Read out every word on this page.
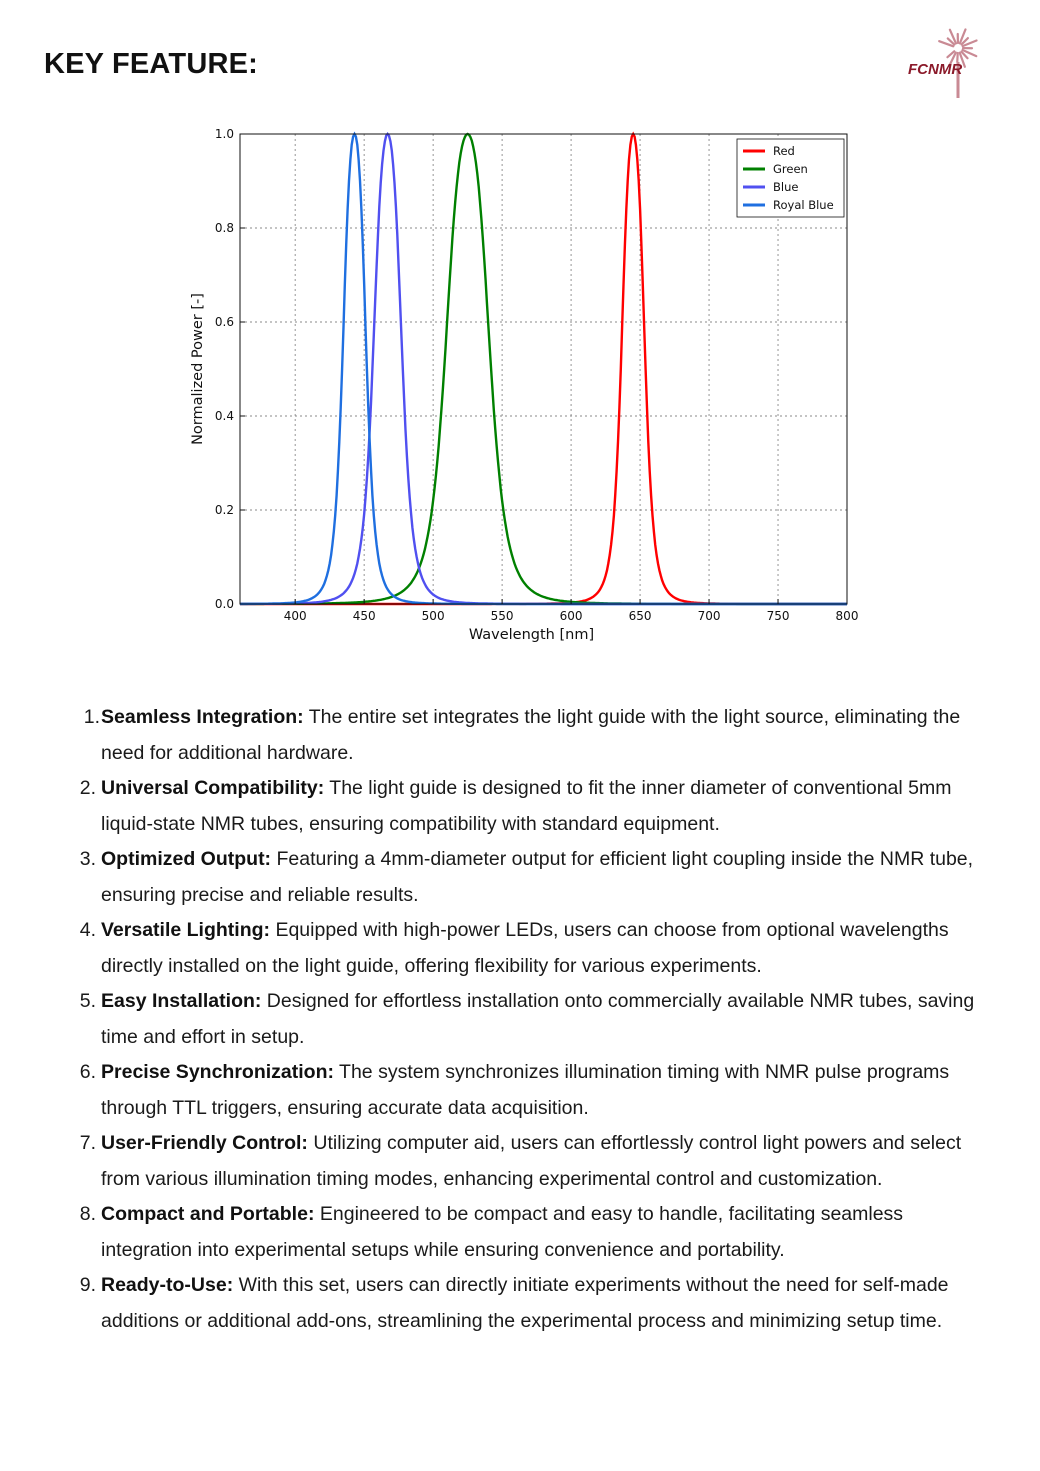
KEY FEATURE:	FCNMR
400	450	500	550	600	650	700	750	800
0.0
0.2
0.4
0.6
0.8
1.0
Wavelength [nm]
Normalized Power [-]
Red
Green
Blue
Royal Blue
1. Seamless Integration: The entire set integrates the light guide with the light source, eliminating the need for additional hardware.
2. Universal Compatibility: The light guide is designed to fit the inner diameter of conventional 5mm liquid-state NMR tubes, ensuring compatibility with standard equipment.
3. Optimized Output: Featuring a 4mm-diameter output for efficient light coupling inside the NMR tube, ensuring precise and reliable results.
4. Versatile Lighting: Equipped with high-power LEDs, users can choose from optional wavelengths directly installed on the light guide, offering flexibility for various experiments.
5. Easy Installation: Designed for effortless installation onto commercially available NMR tubes, saving time and effort in setup.
6. Precise Synchronization: The system synchronizes illumination timing with NMR pulse programs through TTL triggers, ensuring accurate data acquisition.
7. User-Friendly Control: Utilizing computer aid, users can effortlessly control light powers and select from various illumination timing modes, enhancing experimental control and customization.
8. Compact and Portable: Engineered to be compact and easy to handle, facilitating seamless integration into experimental setups while ensuring convenience and portability.
9. Ready-to-Use: With this set, users can directly initiate experiments without the need for self-made additions or additional add-ons, streamlining the experimental process and minimizing setup time.
